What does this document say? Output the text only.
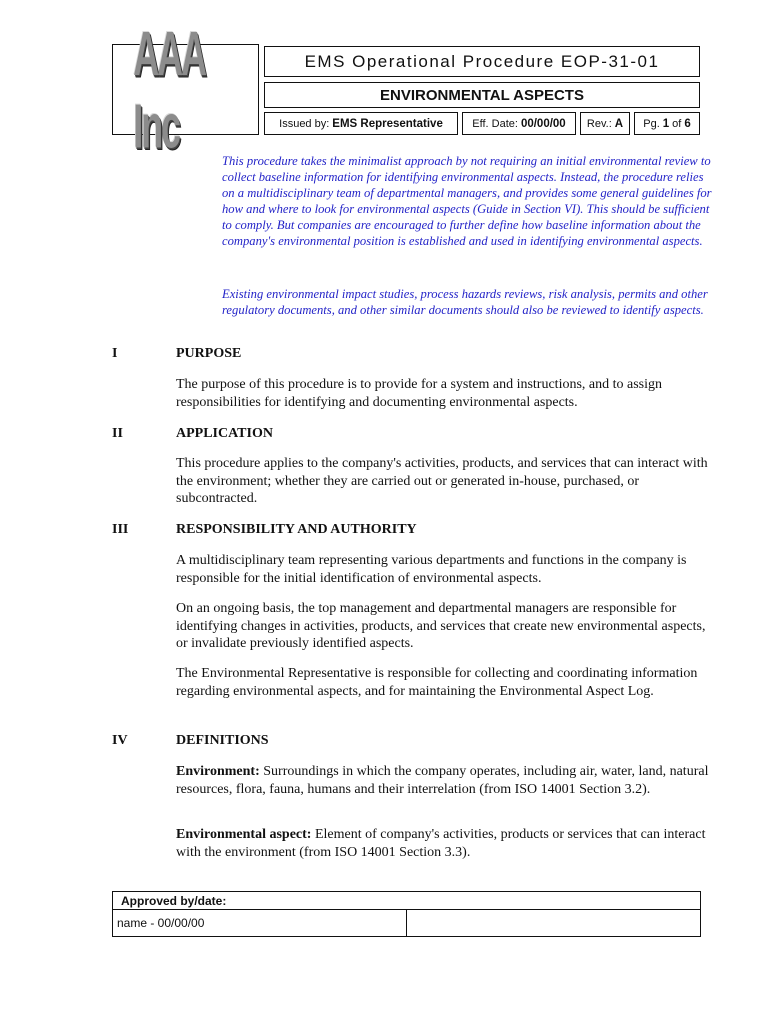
AAA Inc
EMS Operational Procedure EOP-31-01
ENVIRONMENTAL ASPECTS
Issued by: EMS Representative	Eff. Date: 00/00/00 Rev.: A Pg. 1 of 6

This procedure takes the minimalist approach by not requiring an initial environmental review to collect baseline information for identifying environmental aspects. Instead, the procedure relies on a multidisciplinary team of departmental managers, and provides some general guidelines for how and where to look for environmental aspects (Guide in Section VI). This should be sufficient to comply. But companies are encouraged to further define how baseline information about the company's environmental position is established and used in identifying environmental aspects.

Existing environmental impact studies, process hazards reviews, risk analysis, permits and other regulatory documents, and other similar documents should also be reviewed to identify aspects.

I	PURPOSE

The purpose of this procedure is to provide for a system and instructions, and to assign responsibilities for identifying and documenting environmental aspects.

II	APPLICATION

This procedure applies to the company's activities, products, and services that can interact with the environment; whether they are carried out or generated in-house, purchased, or subcontracted.

III	RESPONSIBILITY AND AUTHORITY

A multidisciplinary team representing various departments and functions in the company is responsible for the initial identification of environmental aspects.

On an ongoing basis, the top management and departmental managers are responsible for identifying changes in activities, products, and services that create new environmental aspects, or invalidate previously identified aspects.

The Environmental Representative is responsible for collecting and coordinating information regarding environmental aspects, and for maintaining the Environmental Aspect Log.

IV	DEFINITIONS

Environment: Surroundings in which the company operates, including air, water, land, natural resources, flora, fauna, humans and their interrelation (from ISO 14001 Section 3.2).

Environmental aspect: Element of company's activities, products or services that can interact with the environment (from ISO 14001 Section 3.3).

Approved by/date:
name - 00/00/00
